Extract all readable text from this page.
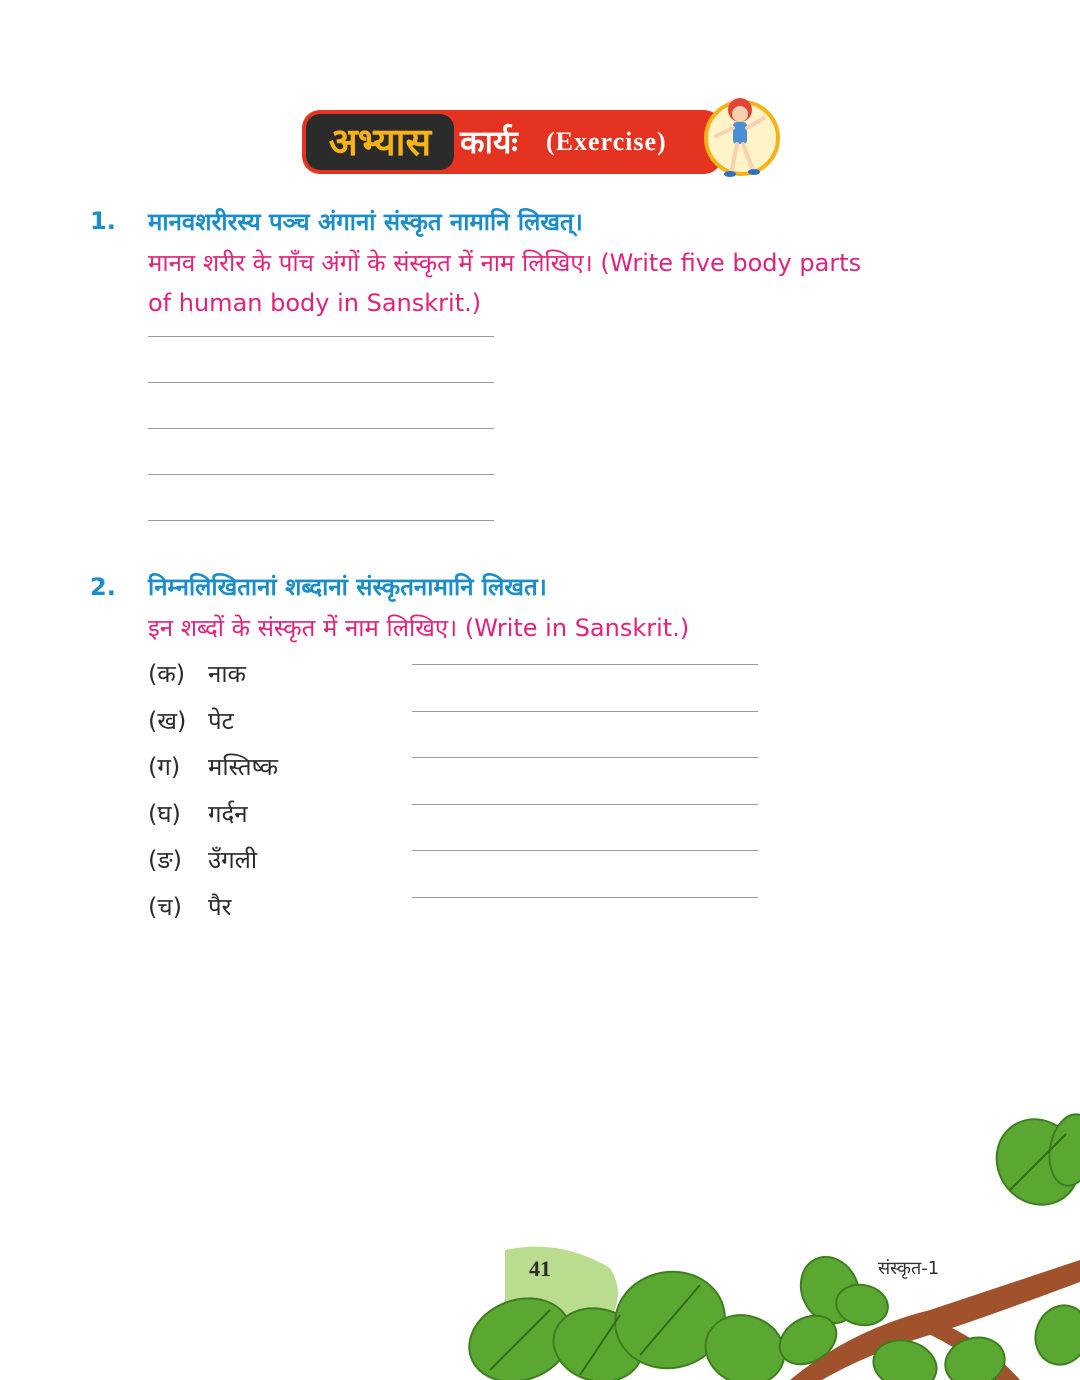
अभ्यास कार्यः (Exercise)
1. मानवशरीरस्य पञ्च अंगानां संस्कृत नामानि लिखत्।
मानव शरीर के पाँच अंगों के संस्कृत में नाम लिखिए। (Write five body parts
of human body in Sanskrit.)
2. निम्नलिखितानां शब्दानां संस्कृतनामानि लिखत।
इन शब्दों के संस्कृत में नाम लिखिए। (Write in Sanskrit.)
(क) नाक
(ख) पेट
(ग) मस्तिष्क
(घ) गर्दन
(ङ) उँगली
(च) पैर
41	संस्कृत-1
